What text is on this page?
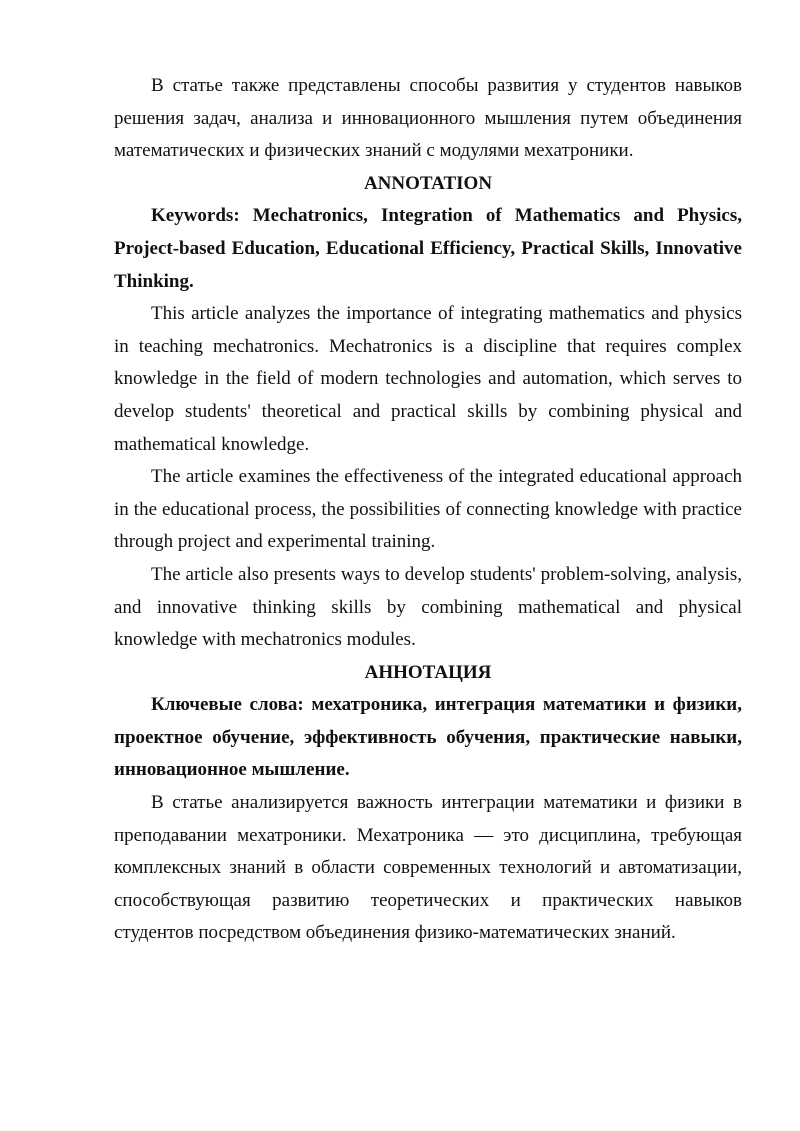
В статье также представлены способы развития у студентов навыков решения задач, анализа и инновационного мышления путем объединения математических и физических знаний с модулями мехатроники.

ANNOTATION

Keywords: Mechatronics, Integration of Mathematics and Physics, Project-based Education, Educational Efficiency, Practical Skills, Innovative Thinking.

This article analyzes the importance of integrating mathematics and physics in teaching mechatronics. Mechatronics is a discipline that requires complex knowledge in the field of modern technologies and automation, which serves to develop students' theoretical and practical skills by combining physical and mathematical knowledge.

The article examines the effectiveness of the integrated educational approach in the educational process, the possibilities of connecting knowledge with practice through project and experimental training.

The article also presents ways to develop students' problem-solving, analysis, and innovative thinking skills by combining mathematical and physical knowledge with mechatronics modules.

АННОТАЦИЯ

Ключевые слова: мехатроника, интеграция математики и физики, проектное обучение, эффективность обучения, практические навыки, инновационное мышление.

В статье анализируется важность интеграции математики и физики в преподавании мехатроники. Мехатроника — это дисциплина, требующая комплексных знаний в области современных технологий и автоматизации, способствующая развитию теоретических и практических навыков студентов посредством объединения физико-математических знаний.
